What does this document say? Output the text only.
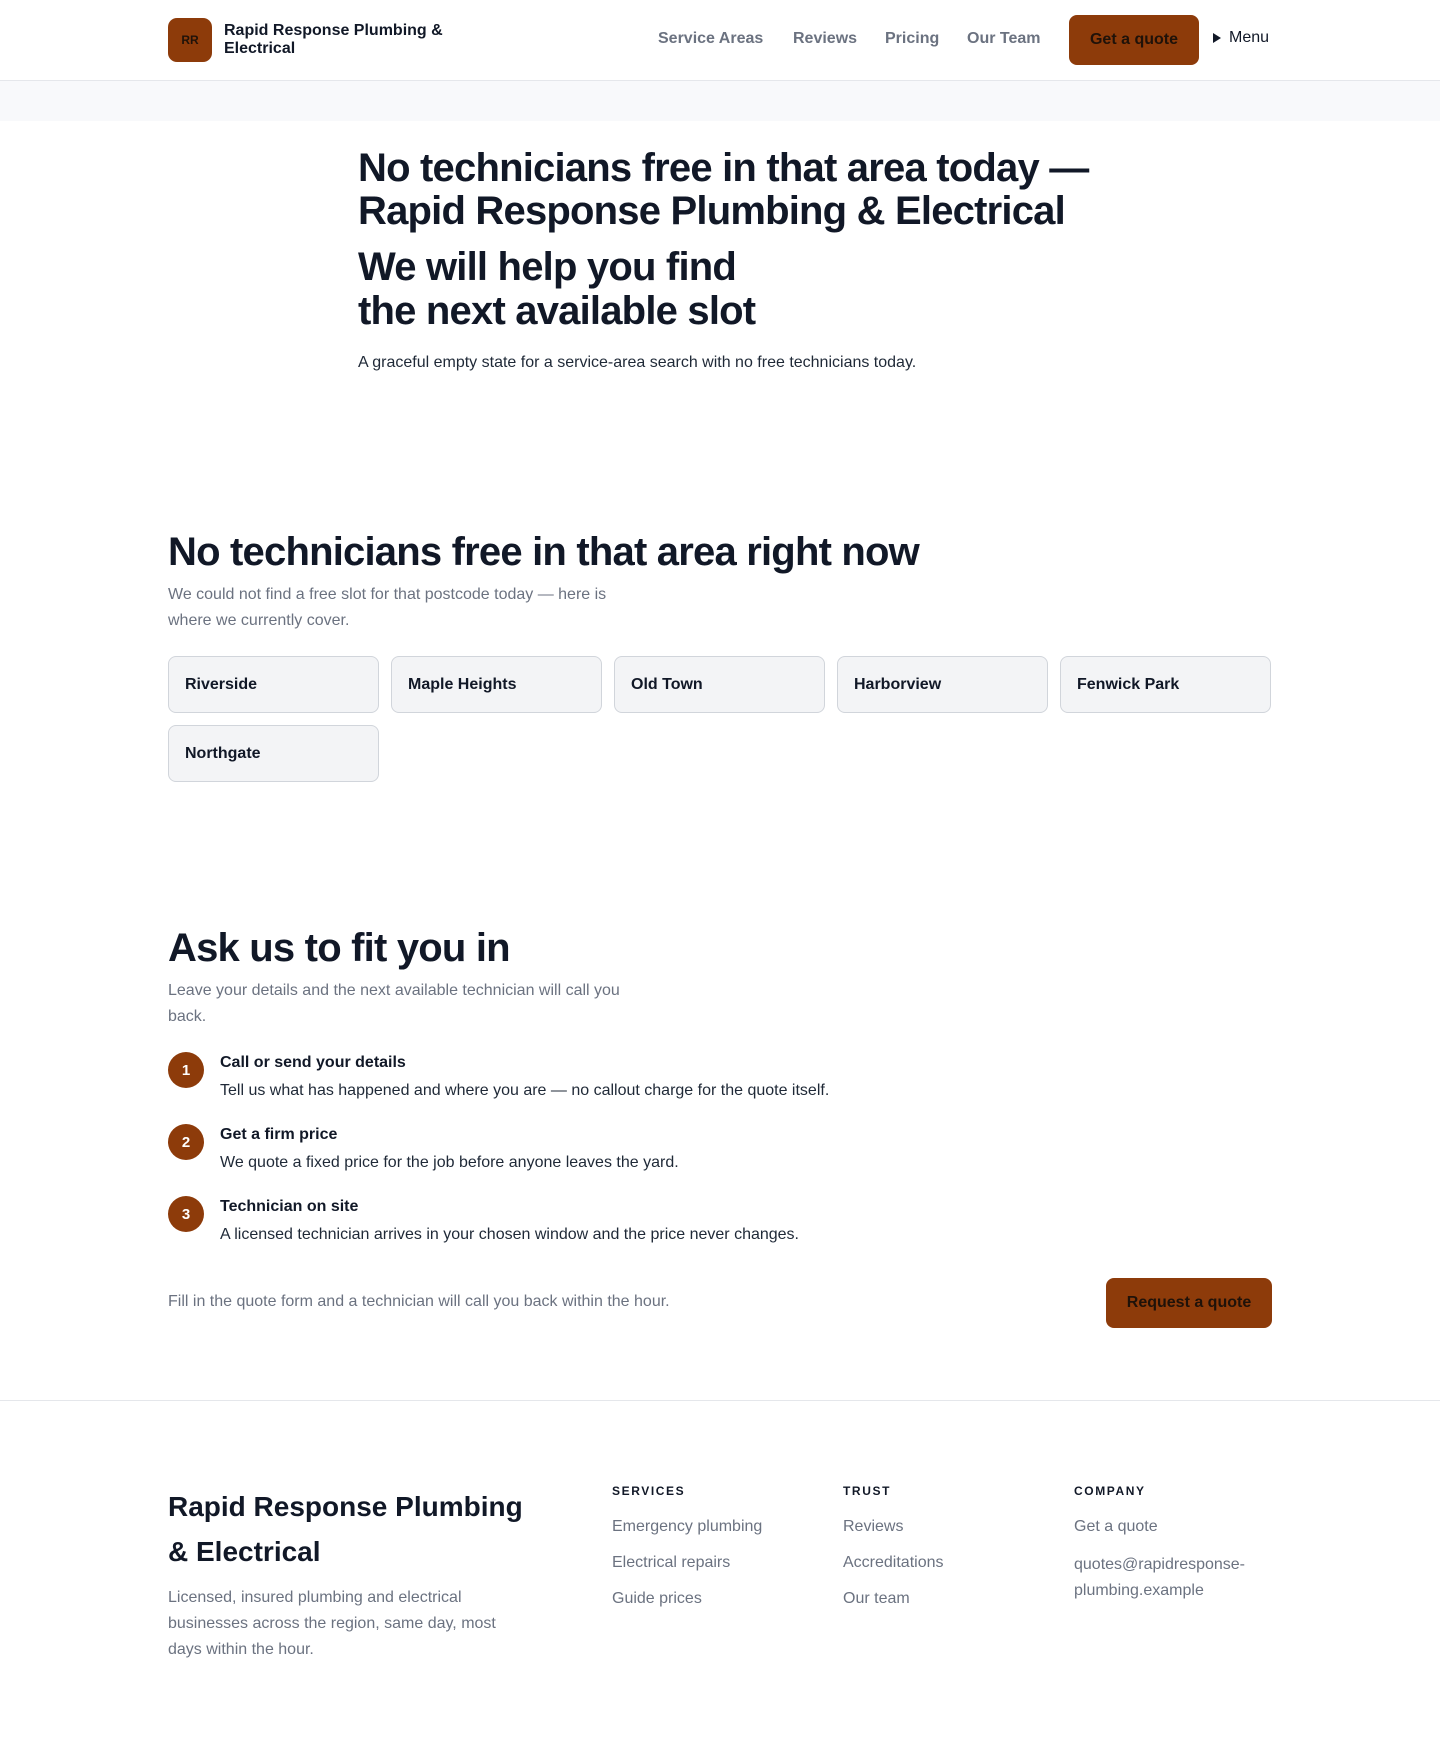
RR
Rapid Response Plumbing & Electrical
Service Areas Reviews Pricing Our Team	Get a quote	Menu
No technicians free in that area today — Rapid Response Plumbing & Electrical
We will help you find
the next available slot

A graceful empty state for a service-area search with no free technicians today.

No technicians free in that area right now

We could not find a free slot for that postcode today — here is where we currently cover.

Riverside	Maple Heights	Old Town	Harborview	Fenwick Park
Northgate
Ask us to fit you in

Leave your details and the next available technician will call you back.

1	Call or send your details
Tell us what has happened and where you are — no callout charge for the quote itself.
2	Get a firm price
We quote a fixed price for the job before anyone leaves the yard.
3	Technician on site
A licensed technician arrives in your chosen window and the price never changes.

Fill in the quote form and a technician will call you back within the hour.	Request a quote
Rapid Response Plumbing & Electrical

Licensed, insured plumbing and electrical businesses across the region, same day, most days within the hour.

SERVICES
Emergency plumbing
Electrical repairs
Guide prices
TRUST
Reviews
Accreditations
Our team
COMPANY
Get a quote
quotes@rapidresponse-plumbing.example
